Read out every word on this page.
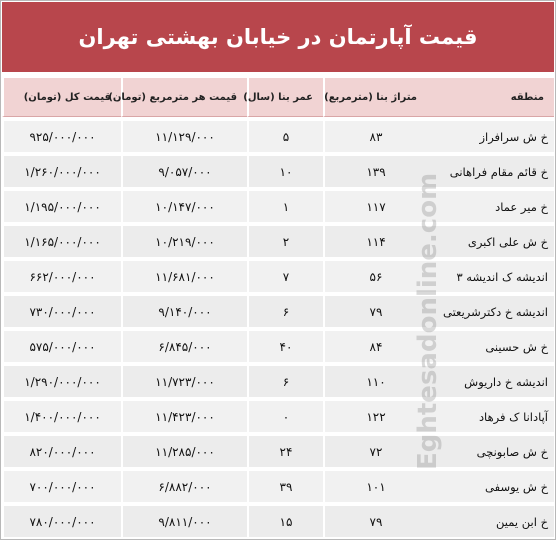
قیمت آپارتمان در خیابان بهشتی تهران
منطقه	متراژ بنا (مترمربع)	عمر بنا (سال)	قیمت هر مترمربع (تومان)	قیمت کل (تومان)
خ ش سرافراز	۸۳	۵	۱۱/۱۲۹/۰۰۰	۹۲۵/۰۰۰/۰۰۰
خ قائم مقام فراهانی	۱۳۹	۱۰	۹/۰۵۷/۰۰۰	۱/۲۶۰/۰۰۰/۰۰۰
خ میر عماد	۱۱۷	۱	۱۰/۱۴۷/۰۰۰	۱/۱۹۵/۰۰۰/۰۰۰
خ ش علی اکبری	۱۱۴	۲	۱۰/۲۱۹/۰۰۰	۱/۱۶۵/۰۰۰/۰۰۰
اندیشه ک اندیشه ۳	۵۶	۷	۱۱/۶۸۱/۰۰۰	۶۶۲/۰۰۰/۰۰۰
اندیشه خ دکترشریعتی	۷۹	۶	۹/۱۴۰/۰۰۰	۷۳۰/۰۰۰/۰۰۰
خ ش حسینی	۸۴	۴۰	۶/۸۴۵/۰۰۰	۵۷۵/۰۰۰/۰۰۰
اندیشه خ داریوش	۱۱۰	۶	۱۱/۷۲۳/۰۰۰	۱/۲۹۰/۰۰۰/۰۰۰
آپادانا ک فرهاد	۱۲۲	۰	۱۱/۴۲۳/۰۰۰	۱/۴۰۰/۰۰۰/۰۰۰
خ ش صابونچی	۷۲	۲۴	۱۱/۲۸۵/۰۰۰	۸۲۰/۰۰۰/۰۰۰
خ ش یوسفی	۱۰۱	۳۹	۶/۸۸۲/۰۰۰	۷۰۰/۰۰۰/۰۰۰
خ ابن یمین	۷۹	۱۵	۹/۸۱۱/۰۰۰	۷۸۰/۰۰۰/۰۰۰
Eghtesadonline.com
